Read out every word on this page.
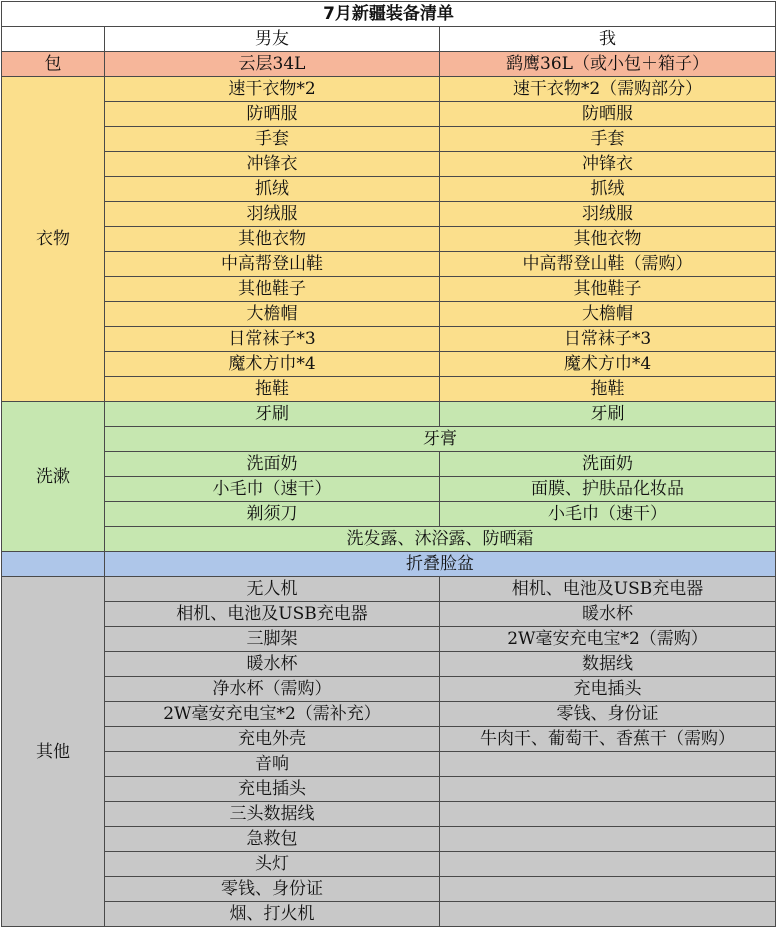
7月新疆装备清单		
	男友	我
包	云层34L	鹞鹰36L（或小包＋箱子）
衣物	速干衣物*2	速干衣物*2（需购部分）
	防晒服	防晒服
	手套	手套
	冲锋衣	冲锋衣
	抓绒	抓绒
	羽绒服	羽绒服
	其他衣物	其他衣物
	中高帮登山鞋	中高帮登山鞋（需购）
	其他鞋子	其他鞋子
	大檐帽	大檐帽
	日常袜子*3	日常袜子*3
	魔术方巾*4	魔术方巾*4
	拖鞋	拖鞋
洗漱	牙刷	牙刷
	牙膏	
	洗面奶	洗面奶
	小毛巾（速干）	面膜、护肤品化妆品
	剃须刀	小毛巾（速干）
	洗发露、沐浴露、防晒霜	
	折叠脸盆	
其他	无人机	相机、电池及USB充电器
	相机、电池及USB充电器	暖水杯
	三脚架	2W毫安充电宝*2（需购）
	暖水杯	数据线
	净水杯（需购）	充电插头
	2W毫安充电宝*2（需补充）	零钱、身份证
	充电外壳	牛肉干、葡萄干、香蕉干（需购）
	音响	
	充电插头	
	三头数据线	
	急救包	
	头灯	
	零钱、身份证	
	烟、打火机	
